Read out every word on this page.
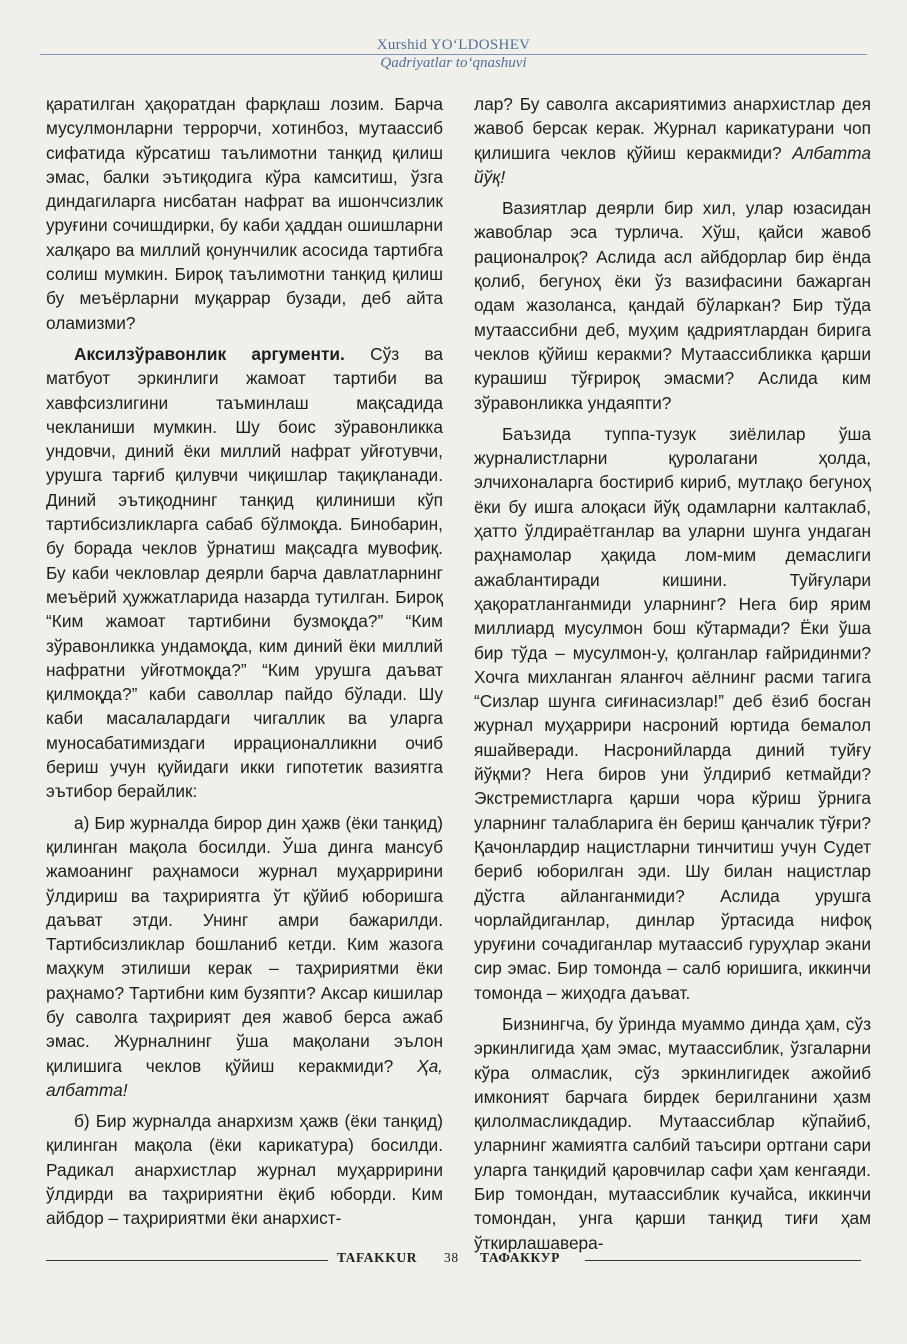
Xurshid YO‘LDOSHEV
Qadriyatlar to‘qnashuvi

қаратилган ҳақоратдан фарқлаш лозим. Барча мусулмонларни террорчи, хотинбоз, мутаассиб сифатида кўрсатиш таълимотни танқид қилиш эмас, балки эътиқодига кўра камситиш, ўзга диндагиларга нисбатан нафрат ва ишончсизлик уруғини сочишдирки, бу каби ҳаддан ошишларни халқаро ва миллий қонунчилик асосида тартибга солиш мумкин. Бироқ таълимотни танқид қилиш бу меъёрларни муқаррар бузади, деб айта оламизми?

Аксилзўравонлик аргументи. Сўз ва матбуот эркинлиги жамоат тартиби ва хавфсизлигини таъминлаш мақсадида чекланиши мумкин. Шу боис зўравонликка ундовчи, диний ёки миллий нафрат уйғотувчи, урушга тарғиб қилувчи чиқишлар тақиқланади. Диний эътиқоднинг танқид қилиниши кўп тартибсизликларга сабаб бўлмоқда. Бинобарин, бу борада чеклов ўрнатиш мақсадга мувофиқ. Бу каби чекловлар деярли барча давлатларнинг меъёрий ҳужжатларида назарда тутилган. Бироқ “Ким жамоат тартибини бузмоқда?” “Ким зўравонликка ундамоқда, ким диний ёки миллий нафратни уйғотмоқда?” “Ким урушга даъват қилмоқда?” каби саволлар пайдо бўлади. Шу каби масалалардаги чигаллик ва уларга муносабатимиздаги иррационалликни очиб бериш учун қуйидаги икки гипотетик вазиятга эътибор берайлик:

а) Бир журналда бирор дин ҳажв (ёки танқид) қилинган мақола босилди. Ўша динга мансуб жамоанинг раҳнамоси журнал муҳарририни ўлдириш ва таҳририятга ўт қўйиб юборишга даъват этди. Унинг амри бажарилди. Тартибсизликлар бошланиб кетди. Ким жазога маҳкум этилиши керак – таҳририятми ёки раҳнамо? Тартибни ким бузяпти? Аксар кишилар бу саволга таҳририят дея жавоб берса ажаб эмас. Журналнинг ўша мақолани эълон қилишига чеклов қўйиш керакмиди? Ҳа, албатта!

б) Бир журналда анархизм ҳажв (ёки танқид) қилинган мақола (ёки карикатура) босилди. Радикал анархистлар журнал муҳарририни ўлдирди ва таҳририятни ёқиб юборди. Ким айбдор – таҳририятми ёки анархист-

лар? Бу саволга аксариятимиз анархистлар дея жавоб берсак керак. Журнал карикатурани чоп қилишига чеклов қўйиш керакмиди? Албатта йўқ!

Вазиятлар деярли бир хил, улар юзасидан жавоблар эса турлича. Хўш, қайси жавоб рационалроқ? Аслида асл айбдорлар бир ёнда қолиб, бегуноҳ ёки ўз вазифасини бажарган одам жазоланса, қандай бўларкан? Бир тўда мутаассибни деб, муҳим қадриятлардан бирига чеклов қўйиш керакми? Мутаассибликка қарши курашиш тўғрироқ эмасми? Аслида ким зўравонликка ундаяпти?

Баъзида туппа-тузук зиёлилар ўша журналистларни қуролагани ҳолда, элчихоналарга бостириб кириб, мутлақо бегуноҳ ёки бу ишга алоқаси йўқ одамларни калтаклаб, ҳатто ўлдираётганлар ва уларни шунга ундаган раҳнамолар ҳақида лом-мим демаслиги ажаблантиради кишини. Туйғулари ҳақоратланганмиди уларнинг? Нега бир ярим миллиард мусулмон бош кўтармади? Ёки ўша бир тўда – мусулмон-у, қолганлар ғайридинми? Хочга михланган яланғоч аёлнинг расми тагига “Сизлар шунга сиғинасизлар!” деб ёзиб босган журнал муҳаррири насроний юртида бемалол яшайверади. Насронийларда диний туйғу йўқми? Нега биров уни ўлдириб кетмайди? Экстремистларга қарши чора кўриш ўрнига уларнинг талабларига ён бериш қанчалик тўғри? Қачонлардир нацистларни тинчитиш учун Судет бериб юборилган эди. Шу билан нацистлар дўстга айланганмиди? Аслида урушга чорлайдиганлар, динлар ўртасида нифоқ уруғини сочадиганлар мутаассиб гуруҳлар экани сир эмас. Бир томонда – салб юришига, иккинчи томонда – жиҳодга даъват.

Бизнингча, бу ўринда муаммо динда ҳам, сўз эркинлигида ҳам эмас, мутаассиблик, ўзгаларни кўра олмаслик, сўз эркинлигидек ажойиб имконият барчага бирдек берилганини ҳазм қилолмасликдадир. Мутаассиблар кўпайиб, уларнинг жамиятга салбий таъсири ортгани сари уларга танқидий қаровчилар сафи ҳам кенгаяди. Бир томондан, мутаассиблик кучайса, иккинчи томондан, унга қарши танқид тиғи ҳам ўткирлашавера-

TAFAKKUR 38 ТАФАККУР
